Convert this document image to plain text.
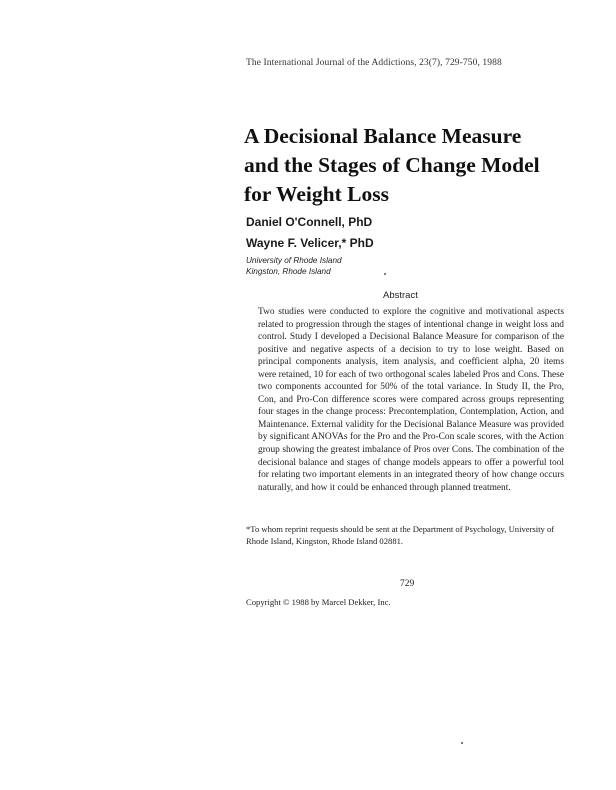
The International Journal of the Addictions, 23(7), 729-750, 1988
A Decisional Balance Measure
and the Stages of Change Model
for Weight Loss
Daniel O'Connell, PhD
Wayne F. Velicer,* PhD
University of Rhode Island
Kingston, Rhode Island
Abstract
Two studies were conducted to explore the cognitive and motivational aspects related to progression through the stages of intentional change in weight loss and control. Study I developed a Decisional Balance Measure for comparison of the positive and negative aspects of a decision to try to lose weight. Based on principal components analysis, item analysis, and coefficient alpha, 20 items were retained, 10 for each of two orthogonal scales labeled Pros and Cons. These two components accounted for 50% of the total variance. In Study II, the Pro, Con, and Pro-Con difference scores were compared across groups representing four stages in the change process: Precontemplation, Contemplation, Action, and Maintenance. External validity for the Decisional Balance Measure was provided by significant ANOVAs for the Pro and the Pro-Con scale scores, with the Action group showing the greatest imbalance of Pros over Cons. The combination of the decisional balance and stages of change models appears to offer a powerful tool for relating two important elements in an integrated theory of how change occurs naturally, and how it could be enhanced through planned treatment.
*To whom reprint requests should be sent at the Department of Psychology, University of Rhode Island, Kingston, Rhode Island 02881.
729
Copyright © 1988 by Marcel Dekker, Inc.
